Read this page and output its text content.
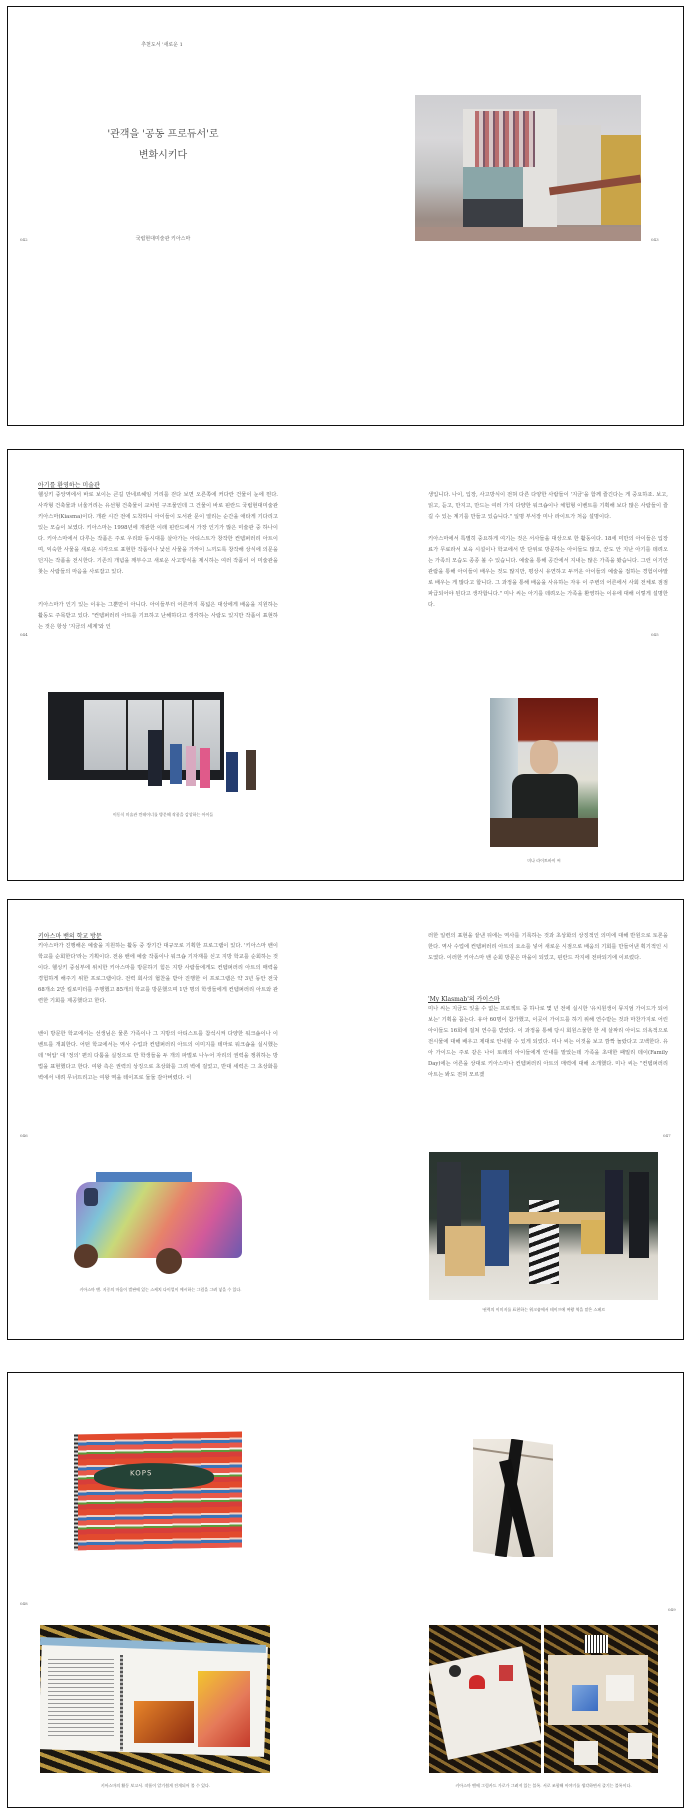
추천도서 '새로운 1
'관객을 '공동 프로듀서'로
변화시키다
042	국립현대미술관 키아스마	043
아기를 환영하는 미술관
헬싱키 중앙역에서 바로 보이는 큰길 만네르헤임 거리를 걷다 보면 오른쪽에 커다란 건물이 눈에 띈다. 사각형 건축물과 너울거리는 유선형 건축물이 교차된 구조물인데 그 건물이 바로 핀란드 국립현대미술관 키아스마(Kiasma)이다. 개관 시간 전에 도착하니 아이들이 도서관 문이 열리는 순간을 애타게 기다리고 있는 모습이 보였다. 키아스마는 1998년에 개관한 이래 핀란드에서 가장 인기가 많은 미술관 중 하나이다. 키아스마에서 다루는 작품은 주로 우리와 동시대를 살아가는 아티스트가 창작한 컨템퍼러리 아트이며, 익숙한 사물을 새로운 시각으로 표현한 작품이나 낯선 사물을 가까이 느끼도록 창작해 상식에 의문을 던지는 작품을 전시한다. 기존의 개념을 깨부수고 새로운 사고방식을 제시하는 여러 작품이 이 미술관을 찾는 사람들의 마음을 사로잡고 있다.
키아스마가 인기 있는 이유는 그뿐만이 아니다. 아이들부터 어른까지 폭넓은 대상에게 배움을 지원하는 활동도 주목받고 있다. "컨템퍼러리 아트를 기묘하고 난해하다고 생각하는 사람도 있지만 작품이 표현하는 것은 항상 '지금의 세계'와 인
044
이동식 미술관 컨테이너를 방문해 작품을 감상하는 아이들
생입니다. 나이, 입장, 사고방식이 전혀 다른 다양한 사람들이 '지금'을 함께 즐긴다는 게 중요하죠. 보고, 읽고, 듣고, 만지고, 만드는 여러 가지 다양한 워크숍이나 체험형 이벤트를 기획해 보다 많은 사람들이 즐길 수 있는 계기를 만들고 있습니다." 일명 부서장 미나 라이트가 처음 설명이다.
키아스마에서 특별히 중요하게 여기는 것은 서사들을 대상으로 한 활동이다. 18세 미만의 아이들은 입장료가 무료라서 보육 시설이나 학교에서 반 단위로 방문하는 아이들도 많고, 꾼도 안 지난 아기를 데려오는 가족의 모습도 종종 볼 수 있습니다. 예술을 통해 공간에서 지내는 많은 가족을 봤습니다. 그런 이기만 관람을 통해 아이들이 배우는 것도 많지만, 평상시 유연하고 두꺼운 아이들의 예술을 접하는 경험이야말로 배우는 게 많다고 합니다. 그 과정을 통해 배움을 사유하는 자유 이 주변의 어른에서 사회 전체로 점점 파급되어야 된다고 생각합니다." 미나 씨는 아기를 데려오는 가족을 환영하는 이유에 대해 이렇게 설명한다.
045
미나 라이트바이 씨
키아스마 밴의 학교 방문
키아스마가 진행해온 예술을 지원하는 활동 중 장기간 대규모로 기획한 프로그램이 있다. '키아스마 밴이 학교를 순회한다'라는 기획이다. 전용 밴에 예술 작품이나 워크숍 기자재를 싣고 지방 학교를 순회하는 것이다. 헬싱키 중심부에 위치한 키아스마를 방문하기 힘든 지방 사람들에게도 컨템퍼러리 아트의 매력을 경험하게 해주기 위한 프로그램이다. 전력 회사의 협찬을 받아 진행한 이 프로그램은 약 3년 동안 전국 68개소 2만 킬로미터를 주행했고 85개의 학교를 방문했으며 1만 명의 학생들에게 컨템퍼러리 아트와 관련한 기회를 제공했다고 한다.
밴이 방문한 학교에서는 선생님은 물론 가족이나 그 지방의 아티스트를 참석시켜 다양한 워크숍이나 이벤트를 개최한다. 어떤 학교에서는 역사 수업과 컨템퍼러리 아트의 이미지를 테마로 워크숍을 실시했는데 '억압' 대 '정의' 편의 다툼을 실정으로 반 학생들을 두 개의 파벌로 나누어 자리의 권력을 쟁취하는 방법을 표현했다고 한다. 여왕 측은 권력의 상징으로 초상화를 그려 벽에 걸었고, 반대 세력은 그 초상화를 벽에서 내려 무너뜨리고는 여왕 역을 테이프로 둘둘 감아버렸다. 이
046
키아스마 밴. 지중의 마음이 벌판에 있는 스케치 다이얼이 예시하는 그림을 그려 넣을 수 있다.
러한 일련의 표현을 끝낸 뒤에는 역사를 기록하는 것과 초상화의 상징적인 의미에 대해 반원으로 토론을 한다. 역사 수업에 컨템퍼러리 아트의 요소를 넣어 새로운 시점으로 배움의 기회를 만들어낸 획기적인 시도였다. 이러한 키아스마 밴 순회 방문은 마을이 되었고, 핀란드 각지에 전파되기에 이르렀다.
'My Klasmab'의 카이스마
미나 씨는 지금도 잊을 수 없는 프로젝트 중 하나로 몇 년 전에 실시한 '유치원생이 뮤지엄 가이드가 되어보는' 기획을 꼽는다. 유아 60명이 참가했고, 이곳이 가이드를 하기 위해 연수받는 것과 마찬가지로 어린아이들도 16회에 걸쳐 연수를 받았다. 이 과정을 통해 당시 회원스물한 한 세 살짜리 아이도 의욕적으로 전시물에 대해 배우고 제대로 안내할 수 있게 되었다. 미나 씨는 이것을 보고 깜짝 놀랐다고 고백한다. 유아 가이드는 주로 같은 나이 또래의 아이들에게 안내를 맡았는데 가족을 초대한 패밀리 데이(Family Day)에는 어른을 상대로 키아스마나 컨템퍼러리 아트의 매력에 대해 소개했다. 미나 씨는 "컨템퍼러리 아트는 봐도 전혀 모르겠
047
'권력의 이미지를 표현하는 워크숍에서 테이프에 여왕 역을 맡은 스페르
KOPS
048
키아스마의 활동 보고서. 작품이 알기쉽게 전개되어 볼 수 있다.
049
키아스마 밴에 그림카드 가로가 그려져 있는 블록. 서로 조합해 이야기를 생각하면서 즐기는 블록이다.
